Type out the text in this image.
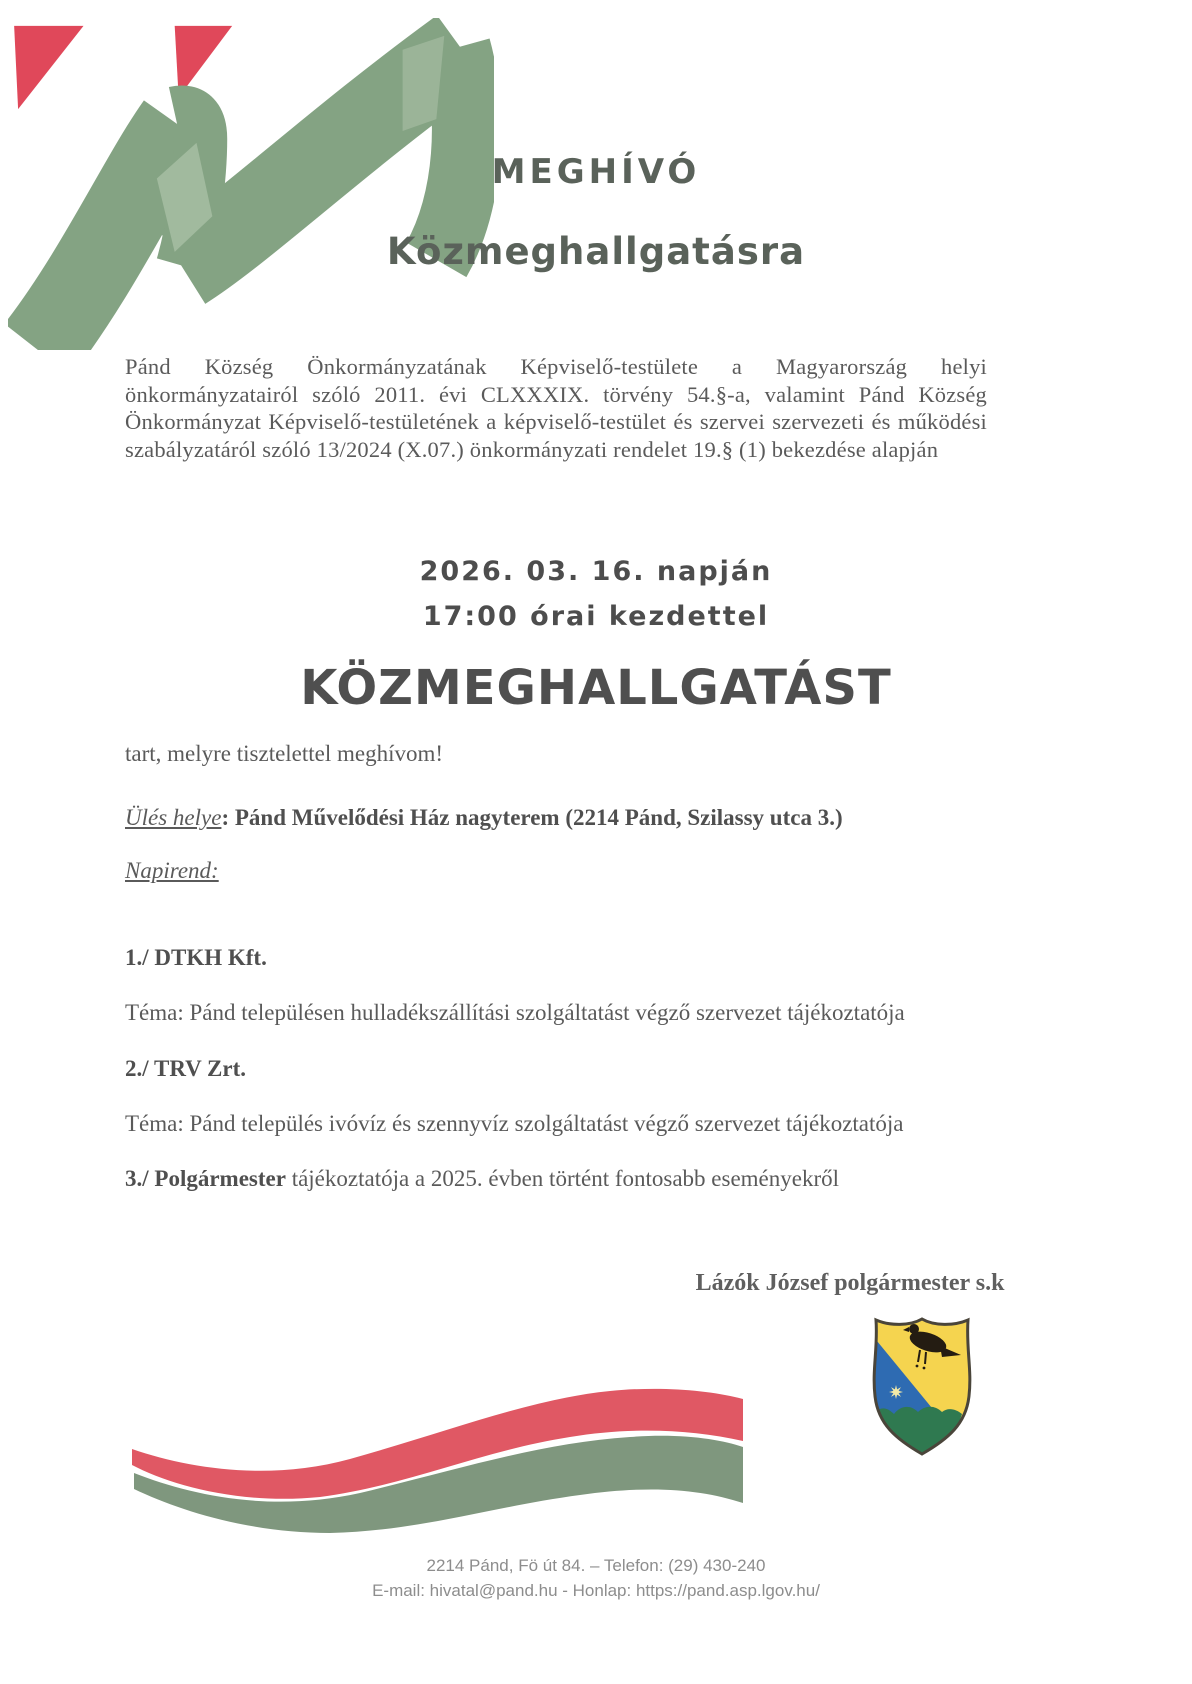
MEGHÍVÓ
Közmeghallgatásra
Pánd Község Önkormányzatának Képviselő-testülete a Magyarország helyi önkormányzatairól szóló 2011. évi CLXXXIX. törvény 54.§-a, valamint Pánd Község Önkormányzat Képviselő-testületének a képviselő-testület és szervei szervezeti és működési szabályzatáról szóló 13/2024 (X.07.) önkormányzati rendelet 19.§ (1) bekezdése alapján
2026. 03. 16. napján
17:00 órai kezdettel
KÖZMEGHALLGATÁST
tart, melyre tisztelettel meghívom!
Ülés helye: Pánd Művelődési Ház nagyterem (2214 Pánd, Szilassy utca 3.)
Napirend:
1./ DTKH Kft.
Téma: Pánd településen hulladékszállítási szolgáltatást végző szervezet tájékoztatója
2./ TRV Zrt.
Téma: Pánd település ivóvíz és szennyvíz szolgáltatást végző szervezet tájékoztatója
3./ Polgármester tájékoztatója a 2025. évben történt fontosabb eseményekről
Lázók József polgármester s.k
2214 Pánd, Fö út 84. – Telefon: (29) 430-240
E-mail: hivatal@pand.hu - Honlap: https://pand.asp.lgov.hu/
